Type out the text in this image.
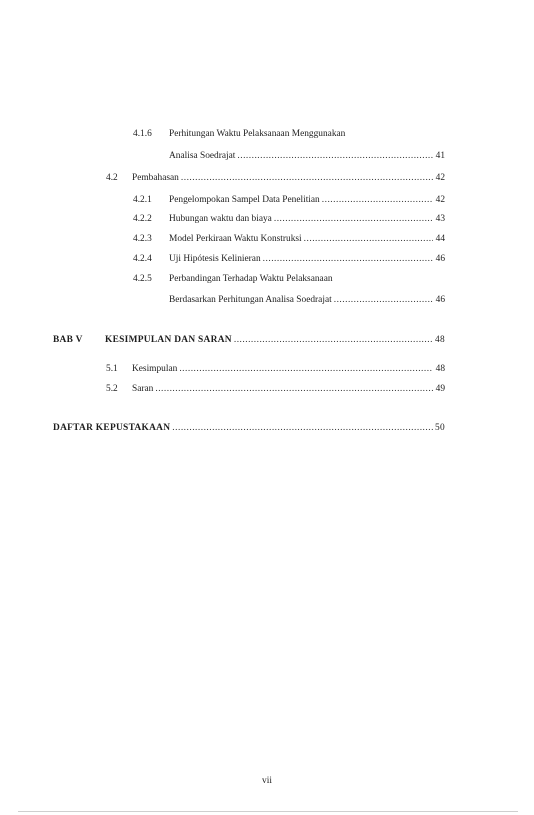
4.1.6 Perhitungan Waktu Pelaksanaan Menggunakan
Analisa Soedrajat .....	41
4.2	Pembahasan .....	42
4.2.1	Pengelompokan Sampel Data Penelitian .....	42
4.2.2	Hubungan waktu dan biaya .....	43
4.2.3	Model Perkiraan Waktu Konstruksi .....	44
4.2.4	Uji Hipótesis Kelinieran .....	46
4.2.5 Perbandingan Terhadap Waktu Pelaksanaan
Berdasarkan Perhitungan Analisa Soedrajat .....	46
BAB V	KESIMPULAN DAN SARAN .....	48
5.1	Kesimpulan .....	48
5.2	Saran .....	49
DAFTAR KEPUSTAKAAN .....	50
vii
